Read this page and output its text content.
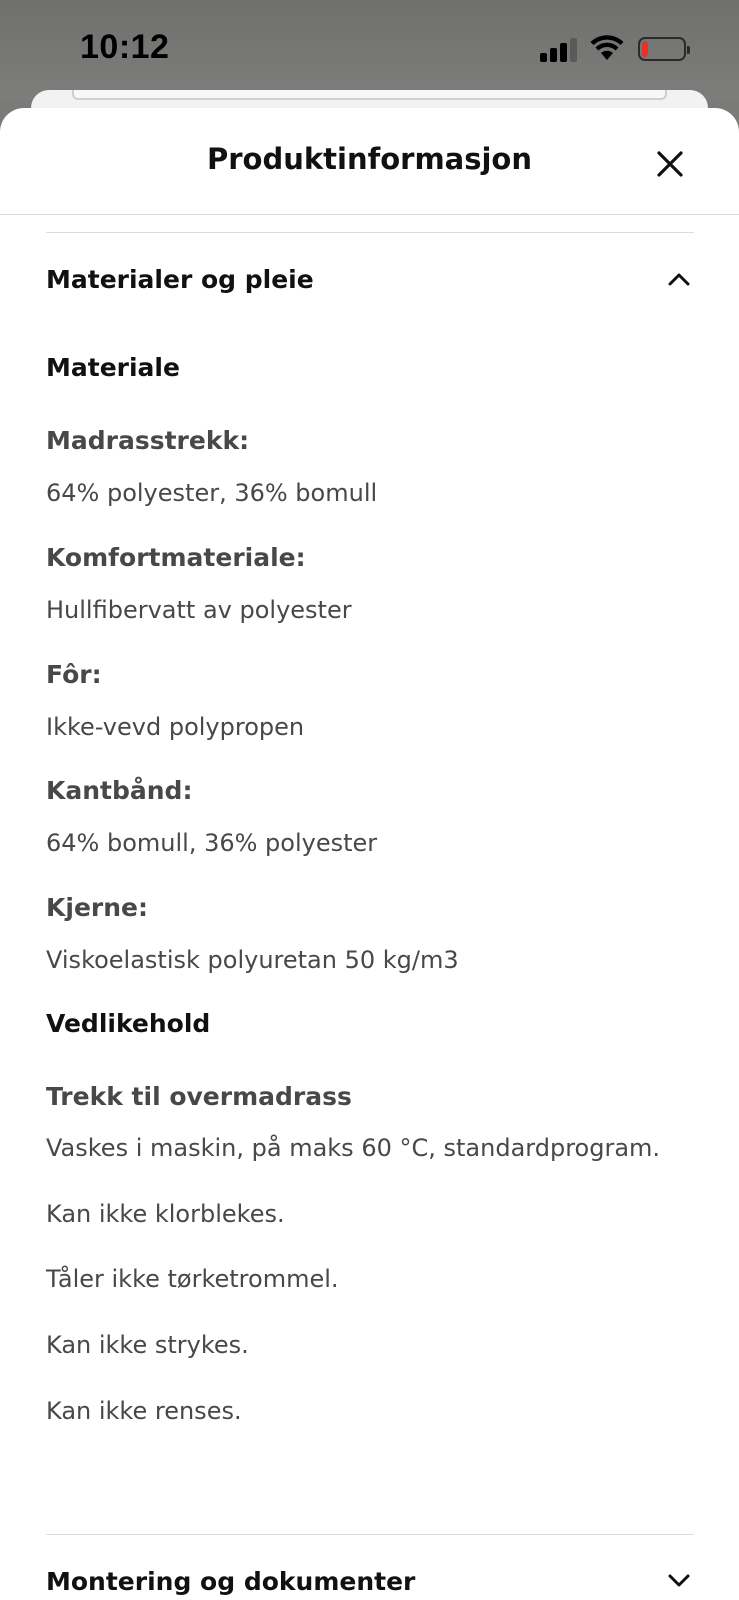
10:12
Produktinformasjon
Materialer og pleie
Materiale
Madrasstrekk:
64% polyester, 36% bomull
Komfortmateriale:
Hullfibervatt av polyester
Fôr:
Ikke-vevd polypropen
Kantbånd:
64% bomull, 36% polyester
Kjerne:
Viskoelastisk polyuretan 50 kg/m3
Vedlikehold
Trekk til overmadrass
Vaskes i maskin, på maks 60 °C, standardprogram.
Kan ikke klorblekes.
Tåler ikke tørketrommel.
Kan ikke strykes.
Kan ikke renses.
Montering og dokumenter
